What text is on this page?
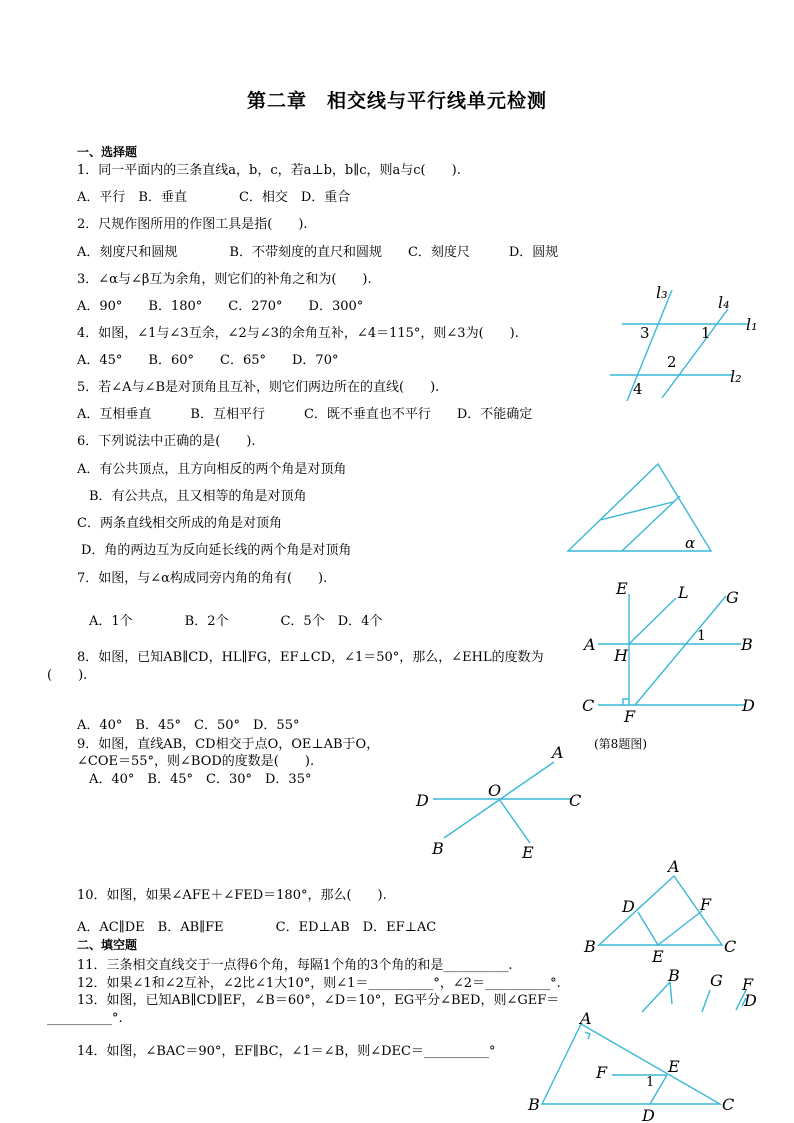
第二章　相交线与平行线单元检测
一、选择题
1．同一平面内的三条直线a，b，c，若a⊥b，b∥c，则a与c(　　).
A．平行　B．垂直　　　　C．相交　D．重合
2．尺规作图所用的作图工具是指(　　).
A．刻度尺和圆规　　　　B．不带刻度的直尺和圆规　　C．刻度尺　　　D．圆规
3．∠α与∠β互为余角，则它们的补角之和为(　　).
A．90°　　B．180°　　C．270°　　D．300°
4．如图，∠1与∠3互余，∠2与∠3的余角互补，∠4＝115°，则∠3为(　　).
A．45°　　B．60°　　C．65°　　D．70°
5．若∠A与∠B是对顶角且互补，则它们两边所在的直线(　　).
A．互相垂直　　　B．互相平行　　　C．既不垂直也不平行　　D．不能确定
6．下列说法中正确的是(　　).
A．有公共顶点，且方向相反的两个角是对顶角
B．有公共点，且又相等的角是对顶角
C．两条直线相交所成的角是对顶角
D．角的两边互为反向延长线的两个角是对顶角
7．如图，与∠α构成同旁内角的角有(　　).
A．1个　　　　B．2个　　　　C．5个　D．4个
8．如图，已知AB∥CD，HL∥FG，EF⊥CD，∠1＝50°，那么，∠EHL的度数为
(　　).
A．40°　B．45°　C．50°　D．55°
9．如图，直线AB，CD相交于点O，OE⊥AB于O，
∠COE＝55°，则∠BOD的度数是(　　).
A．40°　B．45°　C．30°　D．35°
10．如图，如果∠AFE＋∠FED＝180°，那么(　　).
A．AC∥DE　B．AB∥FE　　　　C．ED⊥AB　D．EF⊥AC
二、填空题
11．三条相交直线交于一点得6个角，每隔1个角的3个角的和是__________.
12．如果∠1和∠2互补，∠2比∠1大10°，则∠1＝__________°，∠2＝__________°.
13．如图，已知AB∥CD∥EF，∠B＝60°，∠D＝10°，EG平分∠BED，则∠GEF＝
__________°.
14．如图，∠BAC＝90°，EF∥BC，∠1＝∠B，则∠DEC＝__________°
l₃
l₄
l₁
l₂
3	1
2
4
α
E	L G
A
H
B
C
F
D
1
(第8题图)
A
O
D	C
B	E
A
D	F
B
E
C
B G F
D
A
F	E
1
B
D
C
